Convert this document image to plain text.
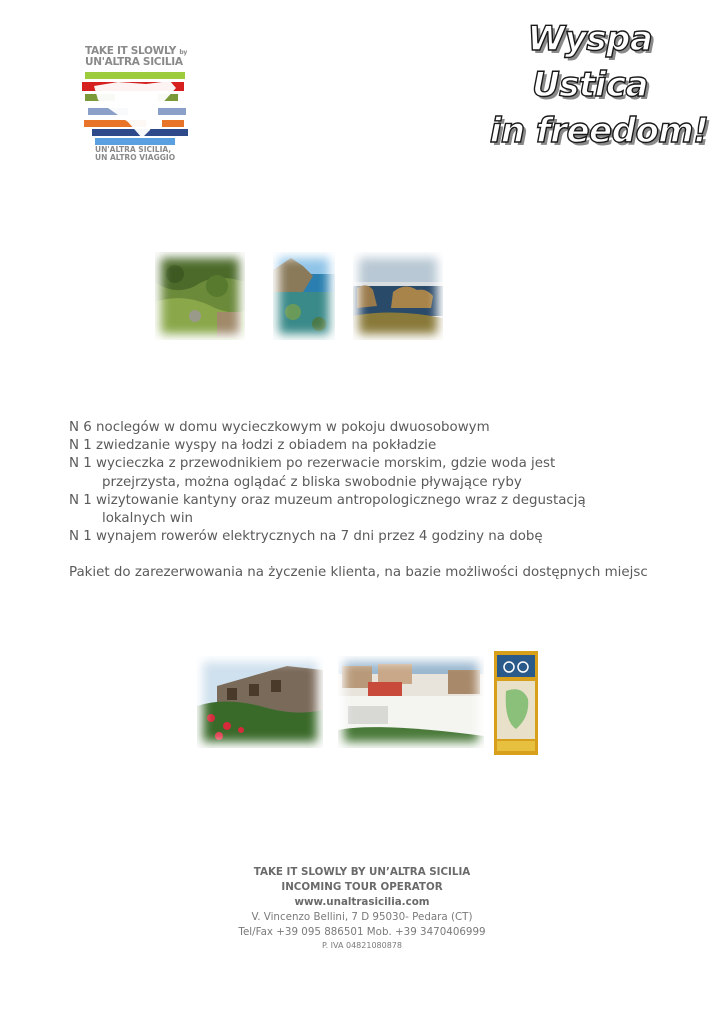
TAKE IT SLOWLY by
UN'ALTRA SICILIA
UN'ALTRA SICILIA,
UN ALTRO VIAGGIO
Wyspa Ustica
in freedom!

N 6 noclegów w domu wycieczkowym w pokoju dwuosobowym

N 1 zwiedzanie wyspy na łodzi z obiadem na pokładzie

N 1 wycieczka z przewodnikiem po rezerwacie morskim, gdzie woda jest

przejrzysta, można oglądać z bliska swobodnie pływające ryby

N 1 wizytowanie kantyny oraz muzeum antropologicznego wraz z degustacją

lokalnych win

N 1 wynajem rowerów elektrycznych na 7 dni przez 4 godziny na dobę

Pakiet do zarezerwowania na życzenie klienta, na bazie możliwości dostępnych miejsc

TAKE IT SLOWLY BY UN’ALTRA SICILIA
INCOMING TOUR OPERATOR
www.unaltrasicilia.com
V. Vincenzo Bellini, 7 D 95030- Pedara (CT)
Tel/Fax +39 095 886501 Mob. +39 3470406999
P. IVA 04821080878
